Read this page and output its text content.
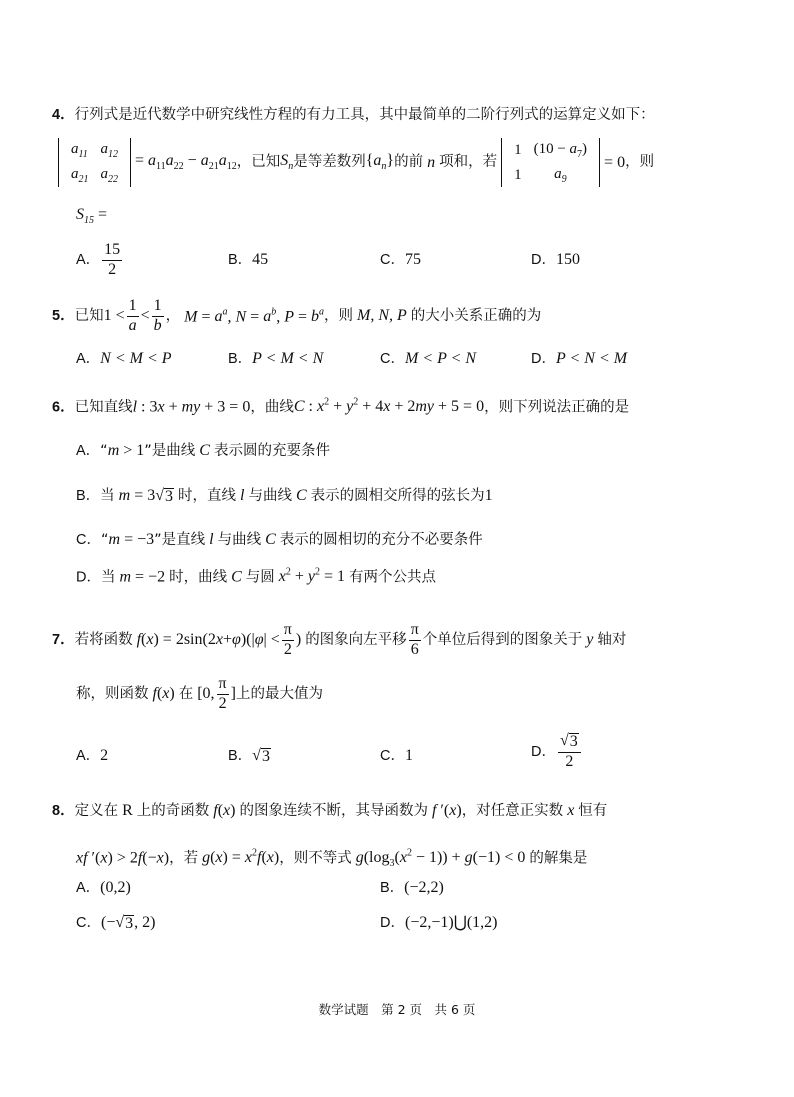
4．行列式是近代数学中研究线性方程的有力工具，其中最简单的二阶行列式的运算定义如下：
$a_{11}$	$a_{12}$
$a_{21}$	$a_{22}$
= $a_{11}a_{22} - a_{21}a_{12}$ ，已知 $S_n$ 是等差数列 $\{a_n\}$ 的前 n 项和，若
1	$(10 - a_7)$
1	$a_9$
= 0 ，则
$S_{15}$ =
A． $\frac{15}{2}$	B．45	C．75	D．150
5． 已知 $1 < \frac{1}{a} < \frac{1}{b}$ ， $M = a^a$, $N = a^b$, $P = b^a$ ，则 M, N, P 的大小关系正确的为
A．N < M < P	B．P < M < N	C．M < P < N	D．P < N < M
6．已知直线l : 3x + my + 3 = 0，曲线C : $x^2 + y^2 + 4x + 2my + 5 = 0$，则下列说法正确的是
A．“m > 1”是曲线 C 表示圆的充要条件
B．当 m = 3√ 3 时，直线 l 与曲线 C 表示的圆相交所得的弦长为1
C．“m = −3”是直线 l 与曲线 C 表示的圆相切的充分不必要条件
D．当 m = −2 时，曲线 C 与圆 $x^2 + y^2 = 1$ 有两个公共点
7． 若将函数
f ( x ) = 2sin(2 x + φ )(| φ | < $\frac{\pi}{2}$ ) 的图象向左平移 $\frac{\pi}{6}$ 个单位后得到的图象关于 y 轴对
称，则函数 f(x) 在 [0, $\frac{\pi}{2}$ ] 上的最大值为
A．2	B．√ 3	C．1	D． $\frac{√ 3}{2}$
8．定义在 R 上的奇函数 f(x) 的图象连续不断，其导函数为 f ′(x)，对任意正实数 x 恒有
xf ′(x) > 2f(−x)，若 $g(x) = x^2f(x)$，则不等式 $g(\log_3(x^2 - 1)) + g(-1) < 0$ 的解集是
A．(0,2)	B．(−2,2)
C．(−√ 3 , 2)	D．(−2,−1)⋃(1,2)
数学试题　第 2 页　共 6 页
